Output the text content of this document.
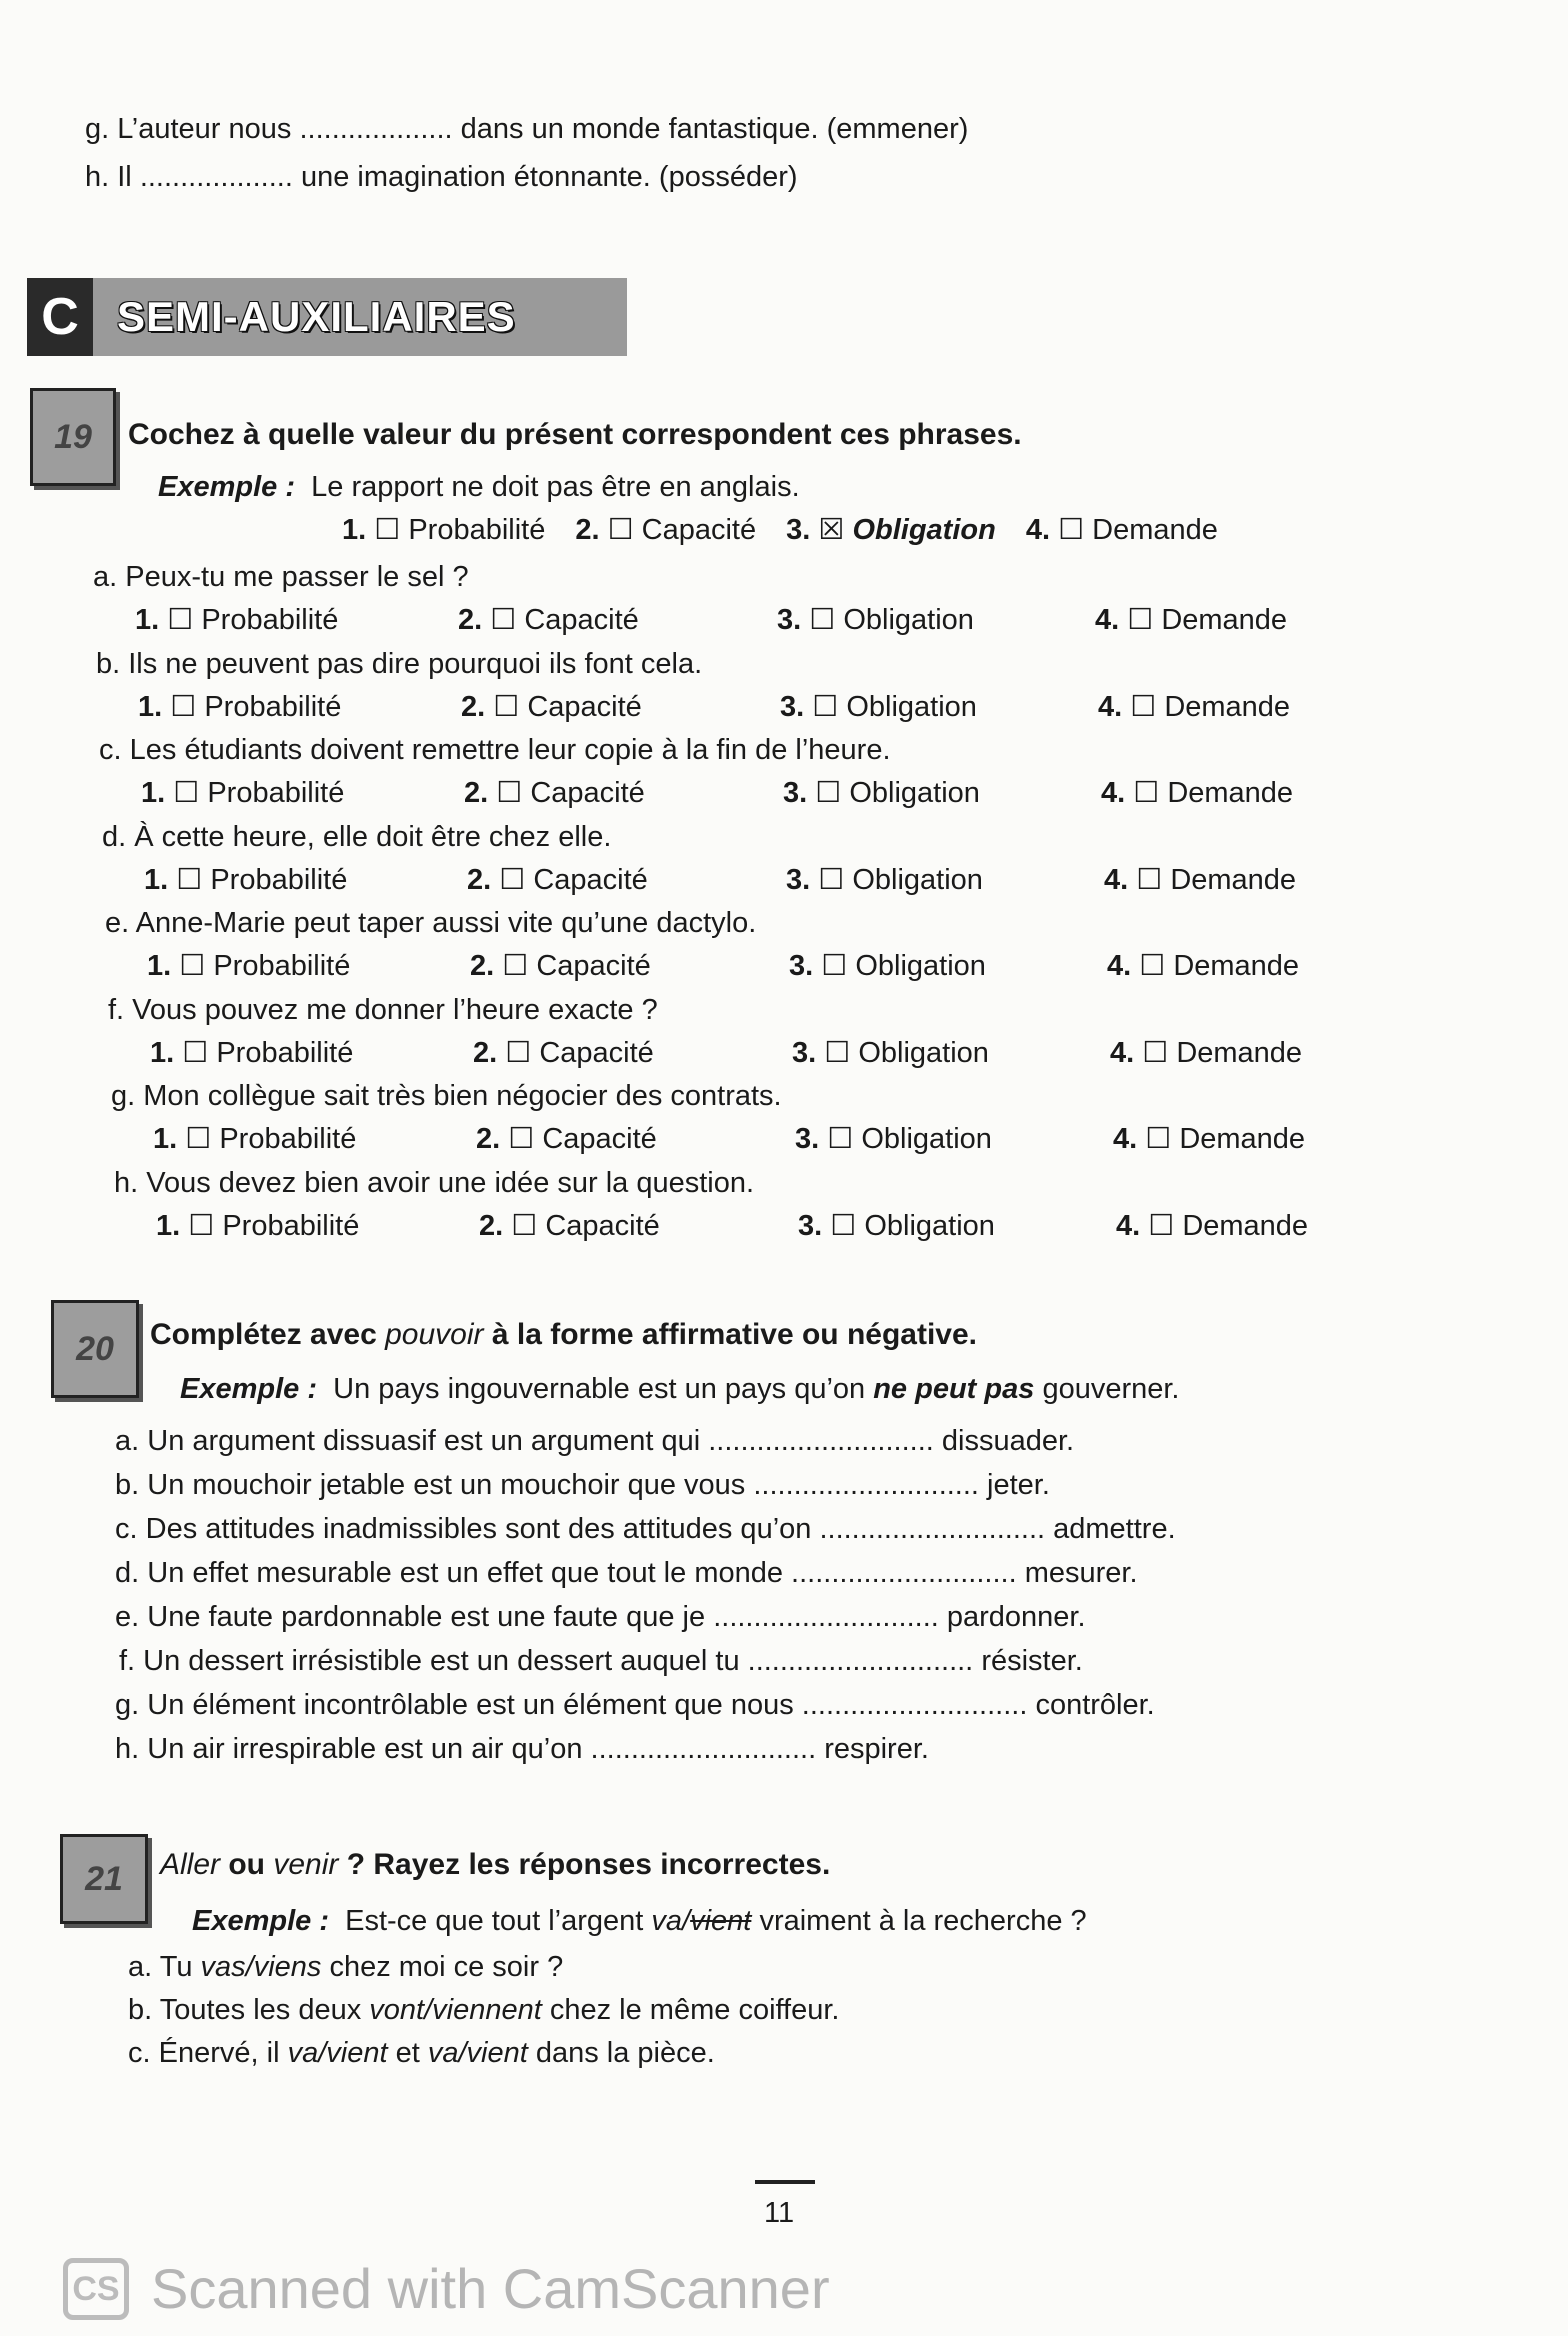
g. L’auteur nous ................... dans un monde fantastique. (emmener)
h. Il ................... une imagination étonnante. (posséder)
C SEMI-AUXILIAIRES
19	Cochez à quelle valeur du présent correspondent ces phrases.
Exemple : Le rapport ne doit pas être en anglais.
1. ☐ Probabilité 2. ☐ Capacité 3. ☒ Obligation 4. ☐ Demande
a. Peux-tu me passer le sel ?
1. ☐ Probabilité	2. ☐ Capacité	3. ☐ Obligation	4. ☐ Demande
b. Ils ne peuvent pas dire pourquoi ils font cela.
1. ☐ Probabilité	2. ☐ Capacité	3. ☐ Obligation	4. ☐ Demande
c. Les étudiants doivent remettre leur copie à la fin de l’heure.
1. ☐ Probabilité	2. ☐ Capacité	3. ☐ Obligation	4. ☐ Demande
d. À cette heure, elle doit être chez elle.
1. ☐ Probabilité	2. ☐ Capacité	3. ☐ Obligation	4. ☐ Demande
e. Anne-Marie peut taper aussi vite qu’une dactylo.
1. ☐ Probabilité	2. ☐ Capacité	3. ☐ Obligation	4. ☐ Demande
f. Vous pouvez me donner l’heure exacte ?
1. ☐ Probabilité	2. ☐ Capacité	3. ☐ Obligation	4. ☐ Demande
g. Mon collègue sait très bien négocier des contrats.
1. ☐ Probabilité	2. ☐ Capacité	3. ☐ Obligation	4. ☐ Demande
h. Vous devez bien avoir une idée sur la question.
1. ☐ Probabilité	2. ☐ Capacité	3. ☐ Obligation	4. ☐ Demande
20	Complétez avec pouvoir à la forme affirmative ou négative.
Exemple : Un pays ingouvernable est un pays qu’on ne peut pas gouverner.
a. Un argument dissuasif est un argument qui ............................ dissuader.
b. Un mouchoir jetable est un mouchoir que vous ............................ jeter.
c. Des attitudes inadmissibles sont des attitudes qu’on ............................ admettre.
d. Un effet mesurable est un effet que tout le monde ............................ mesurer.
e. Une faute pardonnable est une faute que je ............................ pardonner.
f. Un dessert irrésistible est un dessert auquel tu ............................ résister.
g. Un élément incontrôlable est un élément que nous ............................ contrôler.
h. Un air irrespirable est un air qu’on ............................ respirer.
21	Aller ou venir ? Rayez les réponses incorrectes.
Exemple : Est-ce que tout l’argent va/vient vraiment à la recherche ?
a. Tu vas/viens chez moi ce soir ?
b. Toutes les deux vont/viennent chez le même coiffeur.
c. Énervé, il va/vient et va/vient dans la pièce.
11
CS Scanned with CamScanner
